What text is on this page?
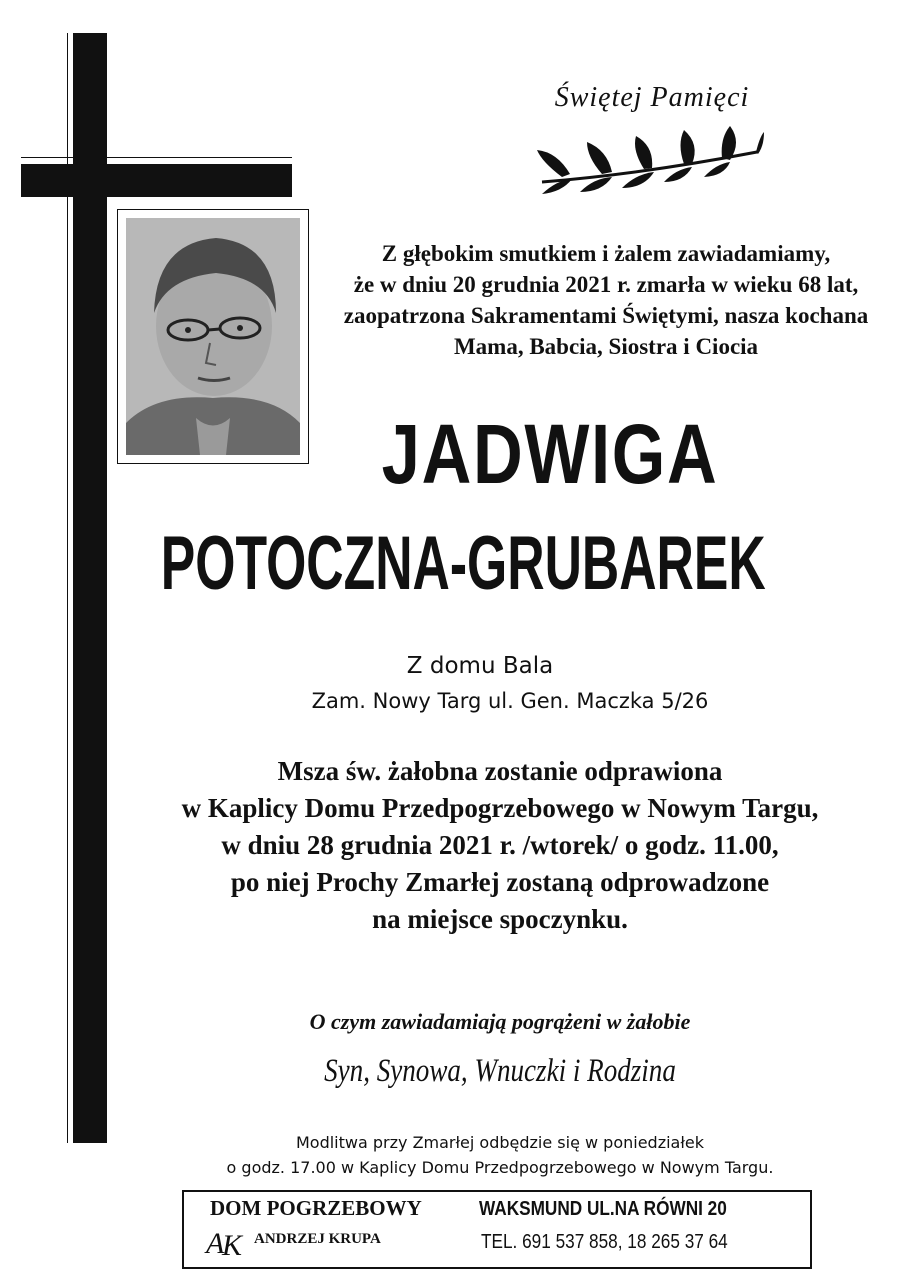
Świętej Pamięci
Z głębokim smutkiem i żalem zawiadamiamy,
że w dniu 20 grudnia 2021 r. zmarła w wieku 68 lat,
zaopatrzona Sakramentami Świętymi, nasza kochana
Mama, Babcia, Siostra i Ciocia
JADWIGA
POTOCZNA-GRUBAREK
Z domu Bala
Zam. Nowy Targ ul. Gen. Maczka 5/26
Msza św. żałobna zostanie odprawiona
w Kaplicy Domu Przedpogrzebowego w Nowym Targu,
w dniu 28 grudnia 2021 r. /wtorek/ o godz. 11.00,
po niej Prochy Zmarłej zostaną odprowadzone
na miejsce spoczynku.
O czym zawiadamiają pogrążeni w żałobie
Syn, Synowa, Wnuczki i Rodzina
Modlitwa przy Zmarłej odbędzie się w poniedziałek
o godz. 17.00 w Kaplicy Domu Przedpogrzebowego w Nowym Targu.
DOM POGRZEBOWY
A
K ANDRZEJ KRUPA
WAKSMUND UL.NA RÓWNI 20
TEL. 691 537 858, 18 265 37 64
